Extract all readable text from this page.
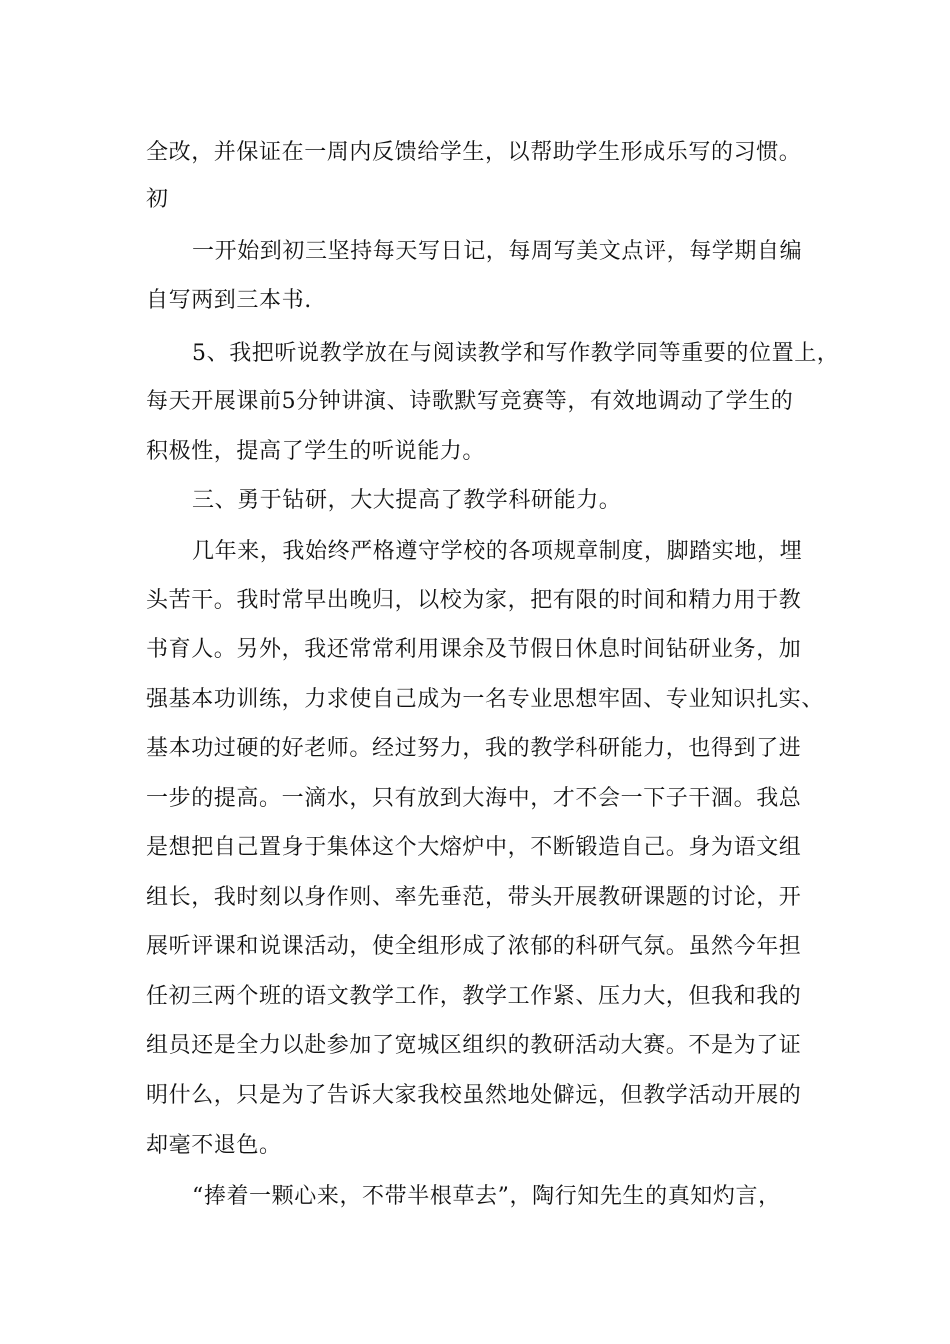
全改，并保证在一周内反馈给学生，以帮助学生形成乐写的习惯。
初
一开始到初三坚持每天写日记，每周写美文点评，每学期自编
自写两到三本书.
5、我把听说教学放在与阅读教学和写作教学同等重要的位置上，
每天开展课前5分钟讲演、诗歌默写竞赛等，有效地调动了学生的
积极性，提高了学生的听说能力。
三、勇于钻研，大大提高了教学科研能力。
几年来，我始终严格遵守学校的各项规章制度，脚踏实地，埋
头苦干。我时常早出晚归，以校为家，把有限的时间和精力用于教
书育人。另外，我还常常利用课余及节假日休息时间钻研业务，加
强基本功训练，力求使自己成为一名专业思想牢固、专业知识扎实、
基本功过硬的好老师。经过努力，我的教学科研能力，也得到了进
一步的提高。一滴水，只有放到大海中，才不会一下子干涸。我总
是想把自己置身于集体这个大熔炉中，不断锻造自己。身为语文组
组长，我时刻以身作则、率先垂范，带头开展教研课题的讨论，开
展听评课和说课活动，使全组形成了浓郁的科研气氛。虽然今年担
任初三两个班的语文教学工作，教学工作紧、压力大，但我和我的
组员还是全力以赴参加了宽城区组织的教研活动大赛。不是为了证
明什么，只是为了告诉大家我校虽然地处僻远，但教学活动开展的
却毫不退色。
“捧着一颗心来，不带半根草去”，陶行知先生的真知灼言，
